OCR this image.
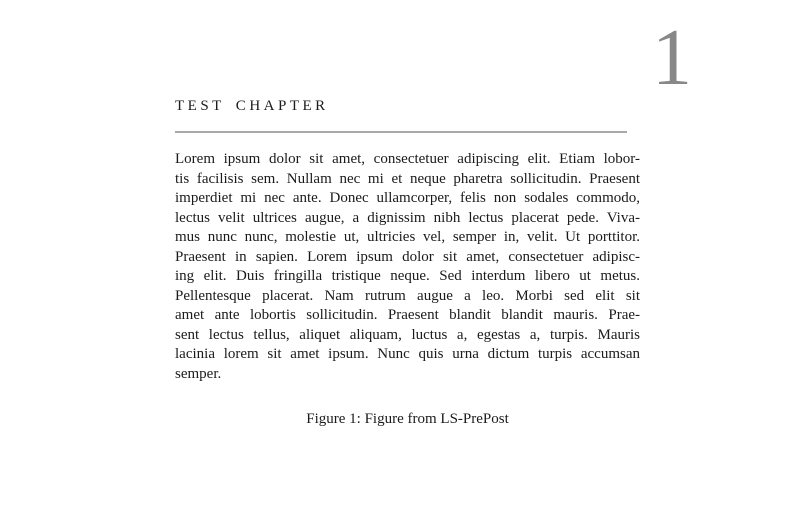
1
TEST CHAPTER
Lorem ipsum dolor sit amet, consectetuer adipiscing elit. Etiam lobor-
tis facilisis sem. Nullam nec mi et neque pharetra sollicitudin. Praesent
imperdiet mi nec ante. Donec ullamcorper, felis non sodales commodo,
lectus velit ultrices augue, a dignissim nibh lectus placerat pede. Viva-
mus nunc nunc, molestie ut, ultricies vel, semper in, velit. Ut porttitor.
Praesent in sapien. Lorem ipsum dolor sit amet, consectetuer adipisc-
ing elit. Duis fringilla tristique neque. Sed interdum libero ut metus.
Pellentesque placerat. Nam rutrum augue a leo. Morbi sed elit sit
amet ante lobortis sollicitudin. Praesent blandit blandit mauris. Prae-
sent lectus tellus, aliquet aliquam, luctus a, egestas a, turpis. Mauris
lacinia lorem sit amet ipsum. Nunc quis urna dictum turpis accumsan
semper.
Figure 1: Figure from LS-PrePost
